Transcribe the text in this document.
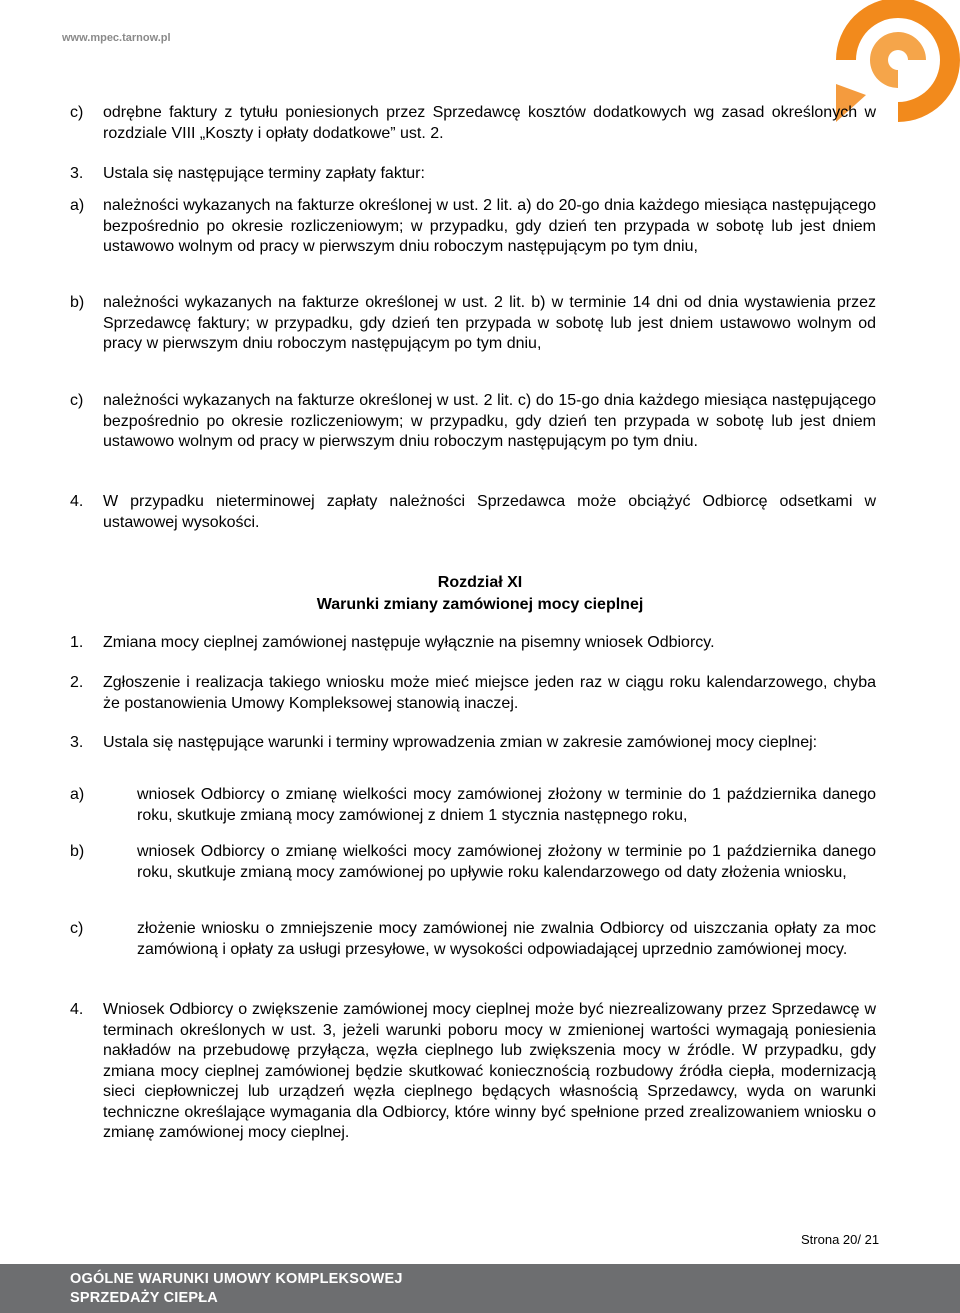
www.mpec.tarnow.pl
c) odrębne faktury z tytułu poniesionych przez Sprzedawcę kosztów dodatkowych wg zasad określonych w rozdziale VIII „Koszty i opłaty dodatkowe” ust. 2.
3. Ustala się następujące terminy zapłaty faktur:
a) należności wykazanych na fakturze określonej w ust. 2 lit. a) do 20-go dnia każdego miesiąca następującego bezpośrednio po okresie rozliczeniowym; w przypadku, gdy dzień ten przypada w sobotę lub jest dniem ustawowo wolnym od pracy w pierwszym dniu roboczym następującym po tym dniu,
b) należności wykazanych na fakturze określonej w ust. 2 lit. b) w terminie 14 dni od dnia wystawienia przez Sprzedawcę faktury; w przypadku, gdy dzień ten przypada w sobotę lub jest dniem ustawowo wolnym od pracy w pierwszym dniu roboczym następującym po tym dniu,
c) należności wykazanych na fakturze określonej w ust. 2 lit. c) do 15-go dnia każdego miesiąca następującego bezpośrednio po okresie rozliczeniowym; w przypadku, gdy dzień ten przypada w sobotę lub jest dniem ustawowo wolnym od pracy w pierwszym dniu roboczym następującym po tym dniu.
4. W przypadku nieterminowej zapłaty należności Sprzedawca może obciążyć Odbiorcę odsetkami w ustawowej wysokości.
Rozdział XI
Warunki zmiany zamówionej mocy cieplnej
1. Zmiana mocy cieplnej zamówionej następuje wyłącznie na pisemny wniosek Odbiorcy.
2. Zgłoszenie i realizacja takiego wniosku może mieć miejsce jeden raz w ciągu roku kalendarzowego, chyba że postanowienia Umowy Kompleksowej stanowią inaczej.
3. Ustala się następujące warunki i terminy wprowadzenia zmian w zakresie zamówionej mocy cieplnej:
a)	wniosek Odbiorcy o zmianę wielkości mocy zamówionej złożony w terminie do 1 października danego roku, skutkuje zmianą mocy zamówionej z dniem 1 stycznia następnego roku,
b)	wniosek Odbiorcy o zmianę wielkości mocy zamówionej złożony w terminie po 1 października danego roku, skutkuje zmianą mocy zamówionej po upływie roku kalendarzowego od daty złożenia wniosku,
c)	złożenie wniosku o zmniejszenie mocy zamówionej nie zwalnia Odbiorcy od uiszczania opłaty za moc zamówioną i opłaty za usługi przesyłowe, w wysokości odpowiadającej uprzednio zamówionej mocy.
4. Wniosek Odbiorcy o zwiększenie zamówionej mocy cieplnej może być niezrealizowany przez Sprzedawcę w terminach określonych w ust. 3, jeżeli warunki poboru mocy w zmienionej wartości wymagają poniesienia nakładów na przebudowę przyłącza, węzła cieplnego lub zwiększenia mocy w źródle. W przypadku, gdy zmiana mocy cieplnej zamówionej będzie skutkować koniecznością rozbudowy źródła ciepła, modernizacją sieci ciepłowniczej lub urządzeń węzła cieplnego będących własnością Sprzedawcy, wyda on warunki techniczne określające wymagania dla Odbiorcy, które winny być spełnione przed zrealizowaniem wniosku o zmianę zamówionej mocy cieplnej.
Strona 20/ 21
OGÓLNE WARUNKI UMOWY KOMPLEKSOWEJ
SPRZEDAŻY CIEPŁA
